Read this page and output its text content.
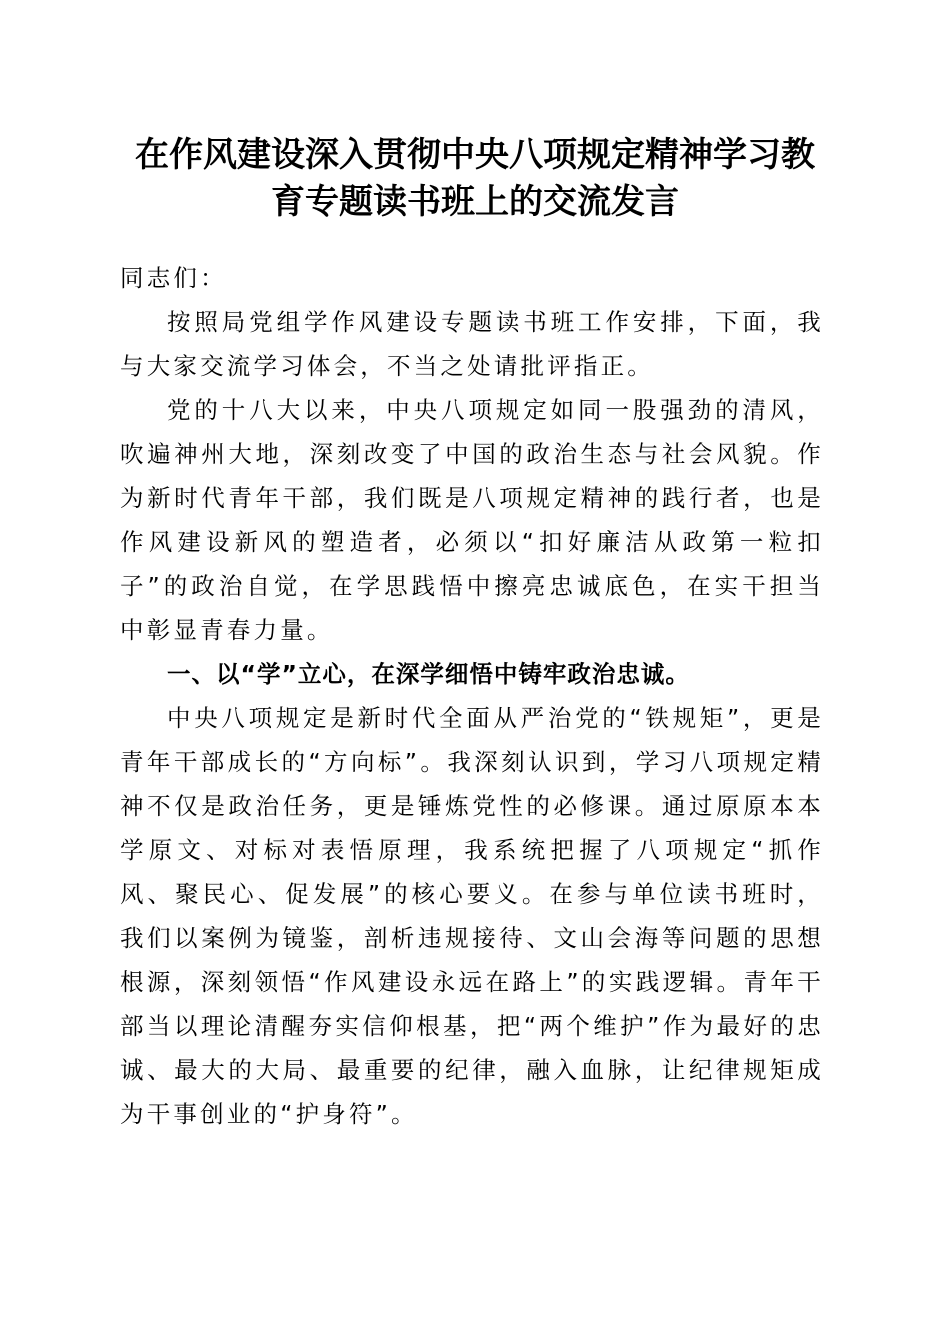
在作风建设深入贯彻中央八项规定精神学习教
育专题读书班上的交流发言

同志们：

按照局党组学作风建设专题读书班工作安排，下面，我与大家交流学习体会，不当之处请批评指正。

党的十八大以来，中央八项规定如同一股强劲的清风，吹遍神州大地，深刻改变了中国的政治生态与社会风貌。作为新时代青年干部，我们既是八项规定精神的践行者，也是作风建设新风的塑造者，必须以“扣好廉洁从政第一粒扣子”的政治自觉，在学思践悟中擦亮忠诚底色，在实干担当中彰显青春力量。

一、以“学”立心，在深学细悟中铸牢政治忠诚。

中央八项规定是新时代全面从严治党的“铁规矩”，更是青年干部成长的“方向标”。我深刻认识到，学习八项规定精神不仅是政治任务，更是锤炼党性的必修课。通过原原本本学原文、对标对表悟原理，我系统把握了八项规定“抓作风、聚民心、促发展”的核心要义。在参与单位读书班时，我们以案例为镜鉴，剖析违规接待、文山会海等问题的思想根源，深刻领悟“作风建设永远在路上”的实践逻辑。青年干部当以理论清醒夯实信仰根基，把“两个维护”作为最好的忠诚、最大的大局、最重要的纪律，融入血脉，让纪律规矩成为干事创业的“护身符”。
